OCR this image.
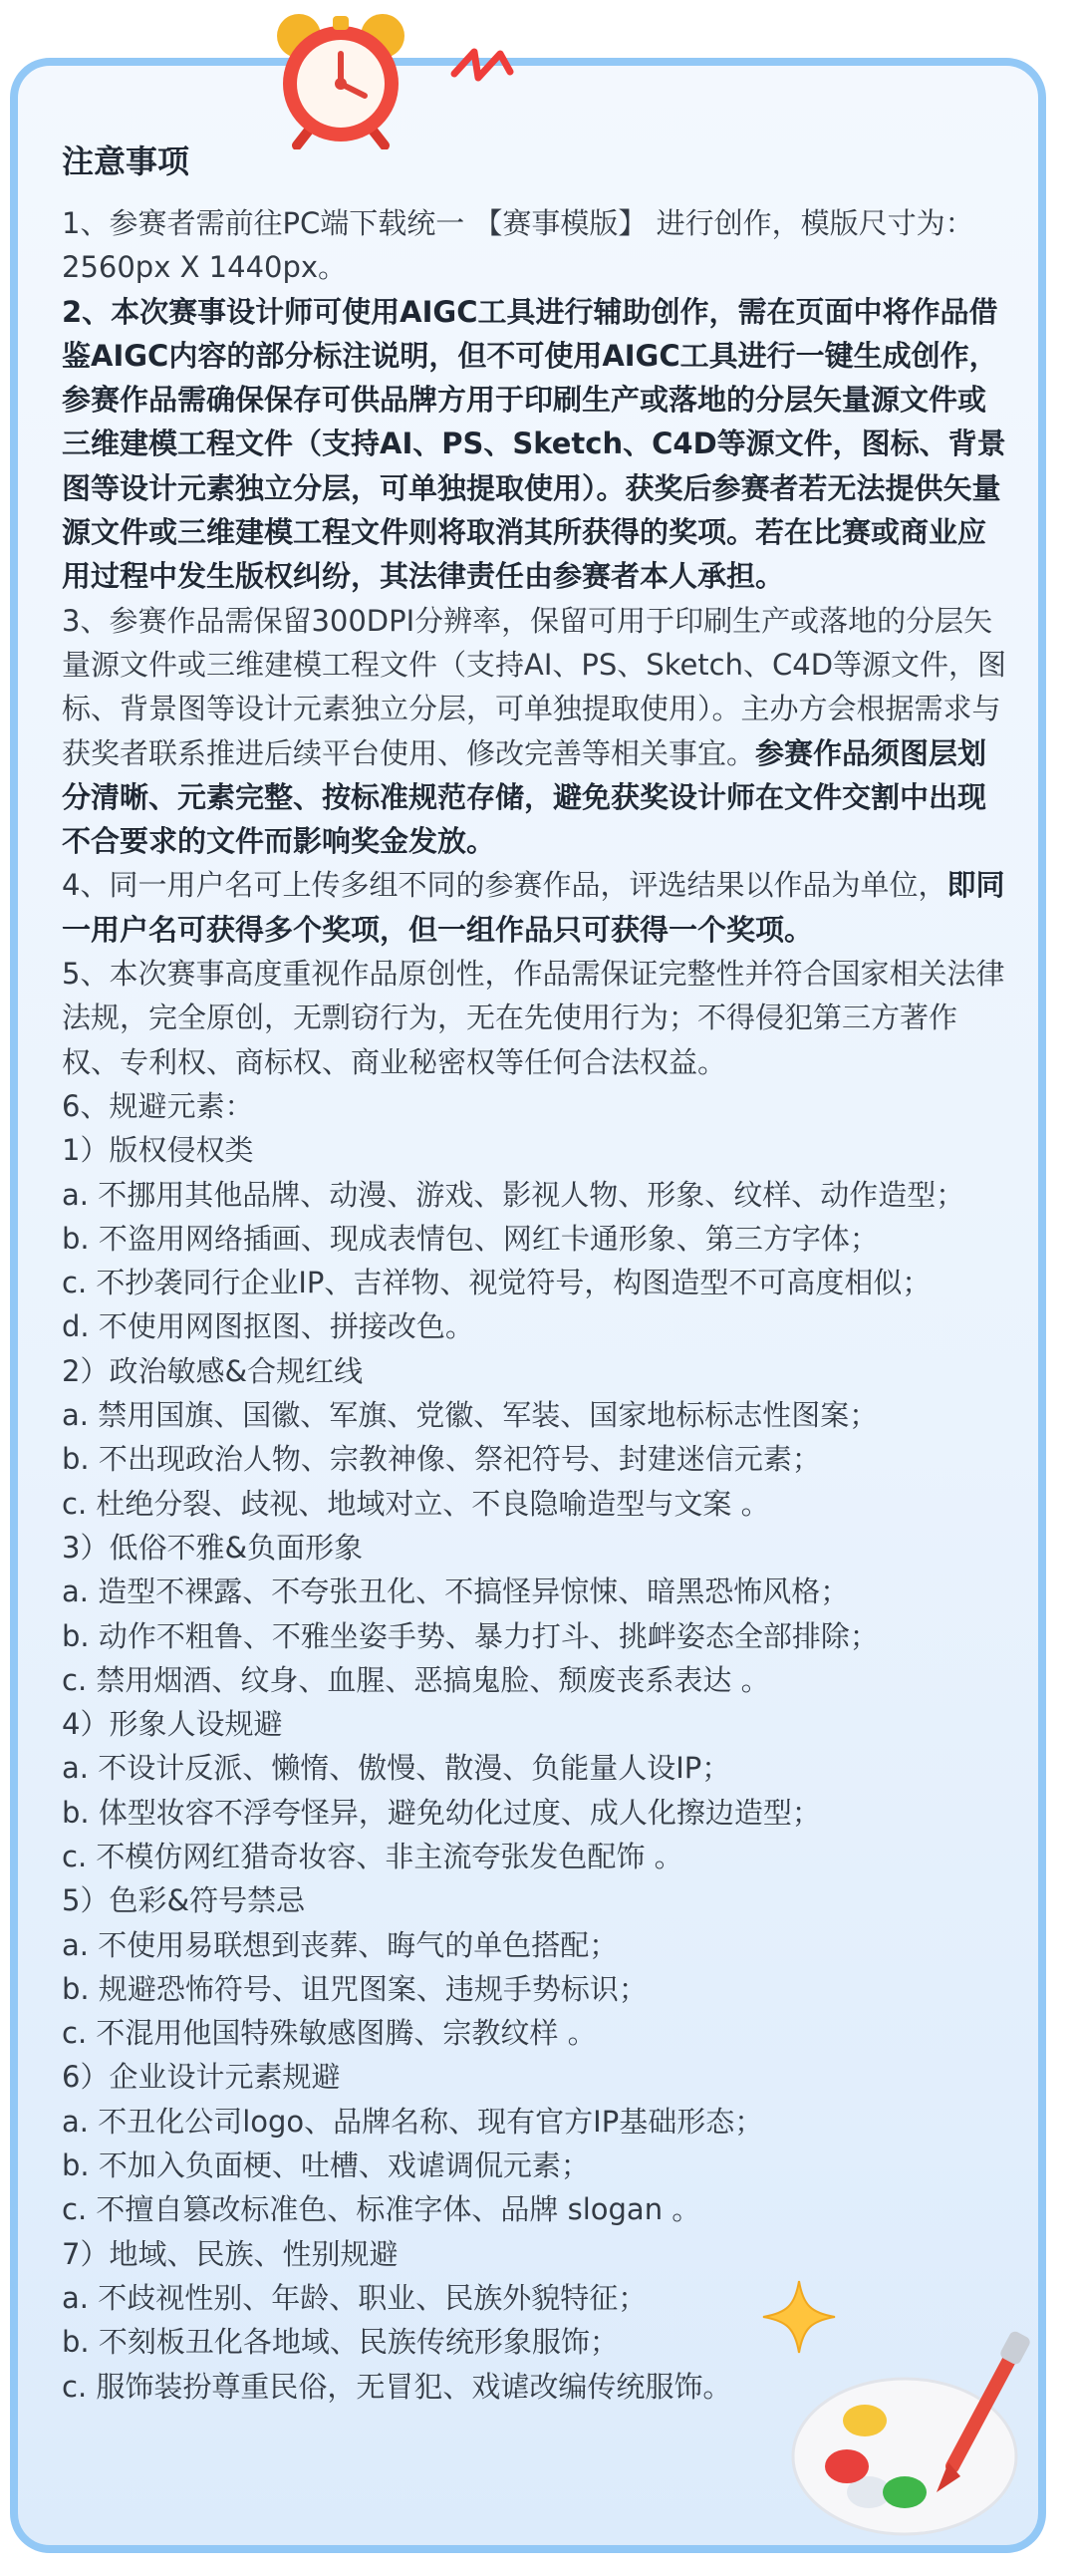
注意事项

1、参赛者需前往PC端下载统一 【赛事模版】 进行创作，模版尺寸为：2560px X 1440px。

2、本次赛事设计师可使用AIGC工具进行辅助创作，需在页面中将作品借鉴AIGC内容的部分标注说明，但不可使用AIGC工具进行一键生成创作，参赛作品需确保保存可供品牌方用于印刷生产或落地的分层矢量源文件或三维建模工程文件（支持AI、PS、Sketch、C4D等源文件，图标、背景图等设计元素独立分层，可单独提取使用）。获奖后参赛者若无法提供矢量源文件或三维建模工程文件则将取消其所获得的奖项。若在比赛或商业应用过程中发生版权纠纷，其法律责任由参赛者本人承担。

3、参赛作品需保留300DPI分辨率，保留可用于印刷生产或落地的分层矢量源文件或三维建模工程文件（支持AI、PS、Sketch、C4D等源文件，图标、背景图等设计元素独立分层，可单独提取使用）。主办方会根据需求与获奖者联系推进后续平台使用、修改完善等相关事宜。参赛作品须图层划分清晰、元素完整、按标准规范存储，避免获奖设计师在文件交割中出现不合要求的文件而影响奖金发放。

4、同一用户名可上传多组不同的参赛作品，评选结果以作品为单位，即同一用户名可获得多个奖项，但一组作品只可获得一个奖项。

5、本次赛事高度重视作品原创性，作品需保证完整性并符合国家相关法律法规，完全原创，无剽窃行为，无在先使用行为；不得侵犯第三方著作权、专利权、商标权、商业秘密权等任何合法权益。

6、规避元素：

1）版权侵权类

a. 不挪用其他品牌、动漫、游戏、影视人物、形象、纹样、动作造型；

b. 不盗用网络插画、现成表情包、网红卡通形象、第三方字体；

c. 不抄袭同行企业IP、吉祥物、视觉符号，构图造型不可高度相似；

d. 不使用网图抠图、拼接改色。

2）政治敏感&合规红线

a. 禁用国旗、国徽、军旗、党徽、军装、国家地标标志性图案；

b. 不出现政治人物、宗教神像、祭祀符号、封建迷信元素；

c. 杜绝分裂、歧视、地域对立、不良隐喻造型与文案 。

3）低俗不雅&负面形象

a. 造型不裸露、不夸张丑化、不搞怪异惊悚、暗黑恐怖风格；

b. 动作不粗鲁、不雅坐姿手势、暴力打斗、挑衅姿态全部排除；

c. 禁用烟酒、纹身、血腥、恶搞鬼脸、颓废丧系表达 。

4）形象人设规避

a. 不设计反派、懒惰、傲慢、散漫、负能量人设IP；

b. 体型妆容不浮夸怪异，避免幼化过度、成人化擦边造型；

c. 不模仿网红猎奇妆容、非主流夸张发色配饰 。

5）色彩&符号禁忌

a. 不使用易联想到丧葬、晦气的单色搭配；

b. 规避恐怖符号、诅咒图案、违规手势标识；

c. 不混用他国特殊敏感图腾、宗教纹样 。

6）企业设计元素规避

a. 不丑化公司logo、品牌名称、现有官方IP基础形态；

b. 不加入负面梗、吐槽、戏谑调侃元素；

c. 不擅自篡改标准色、标准字体、品牌 slogan 。

7）地域、民族、性别规避

a. 不歧视性别、年龄、职业、民族外貌特征；

b. 不刻板丑化各地域、民族传统形象服饰；

c. 服饰装扮尊重民俗，无冒犯、戏谑改编传统服饰。
